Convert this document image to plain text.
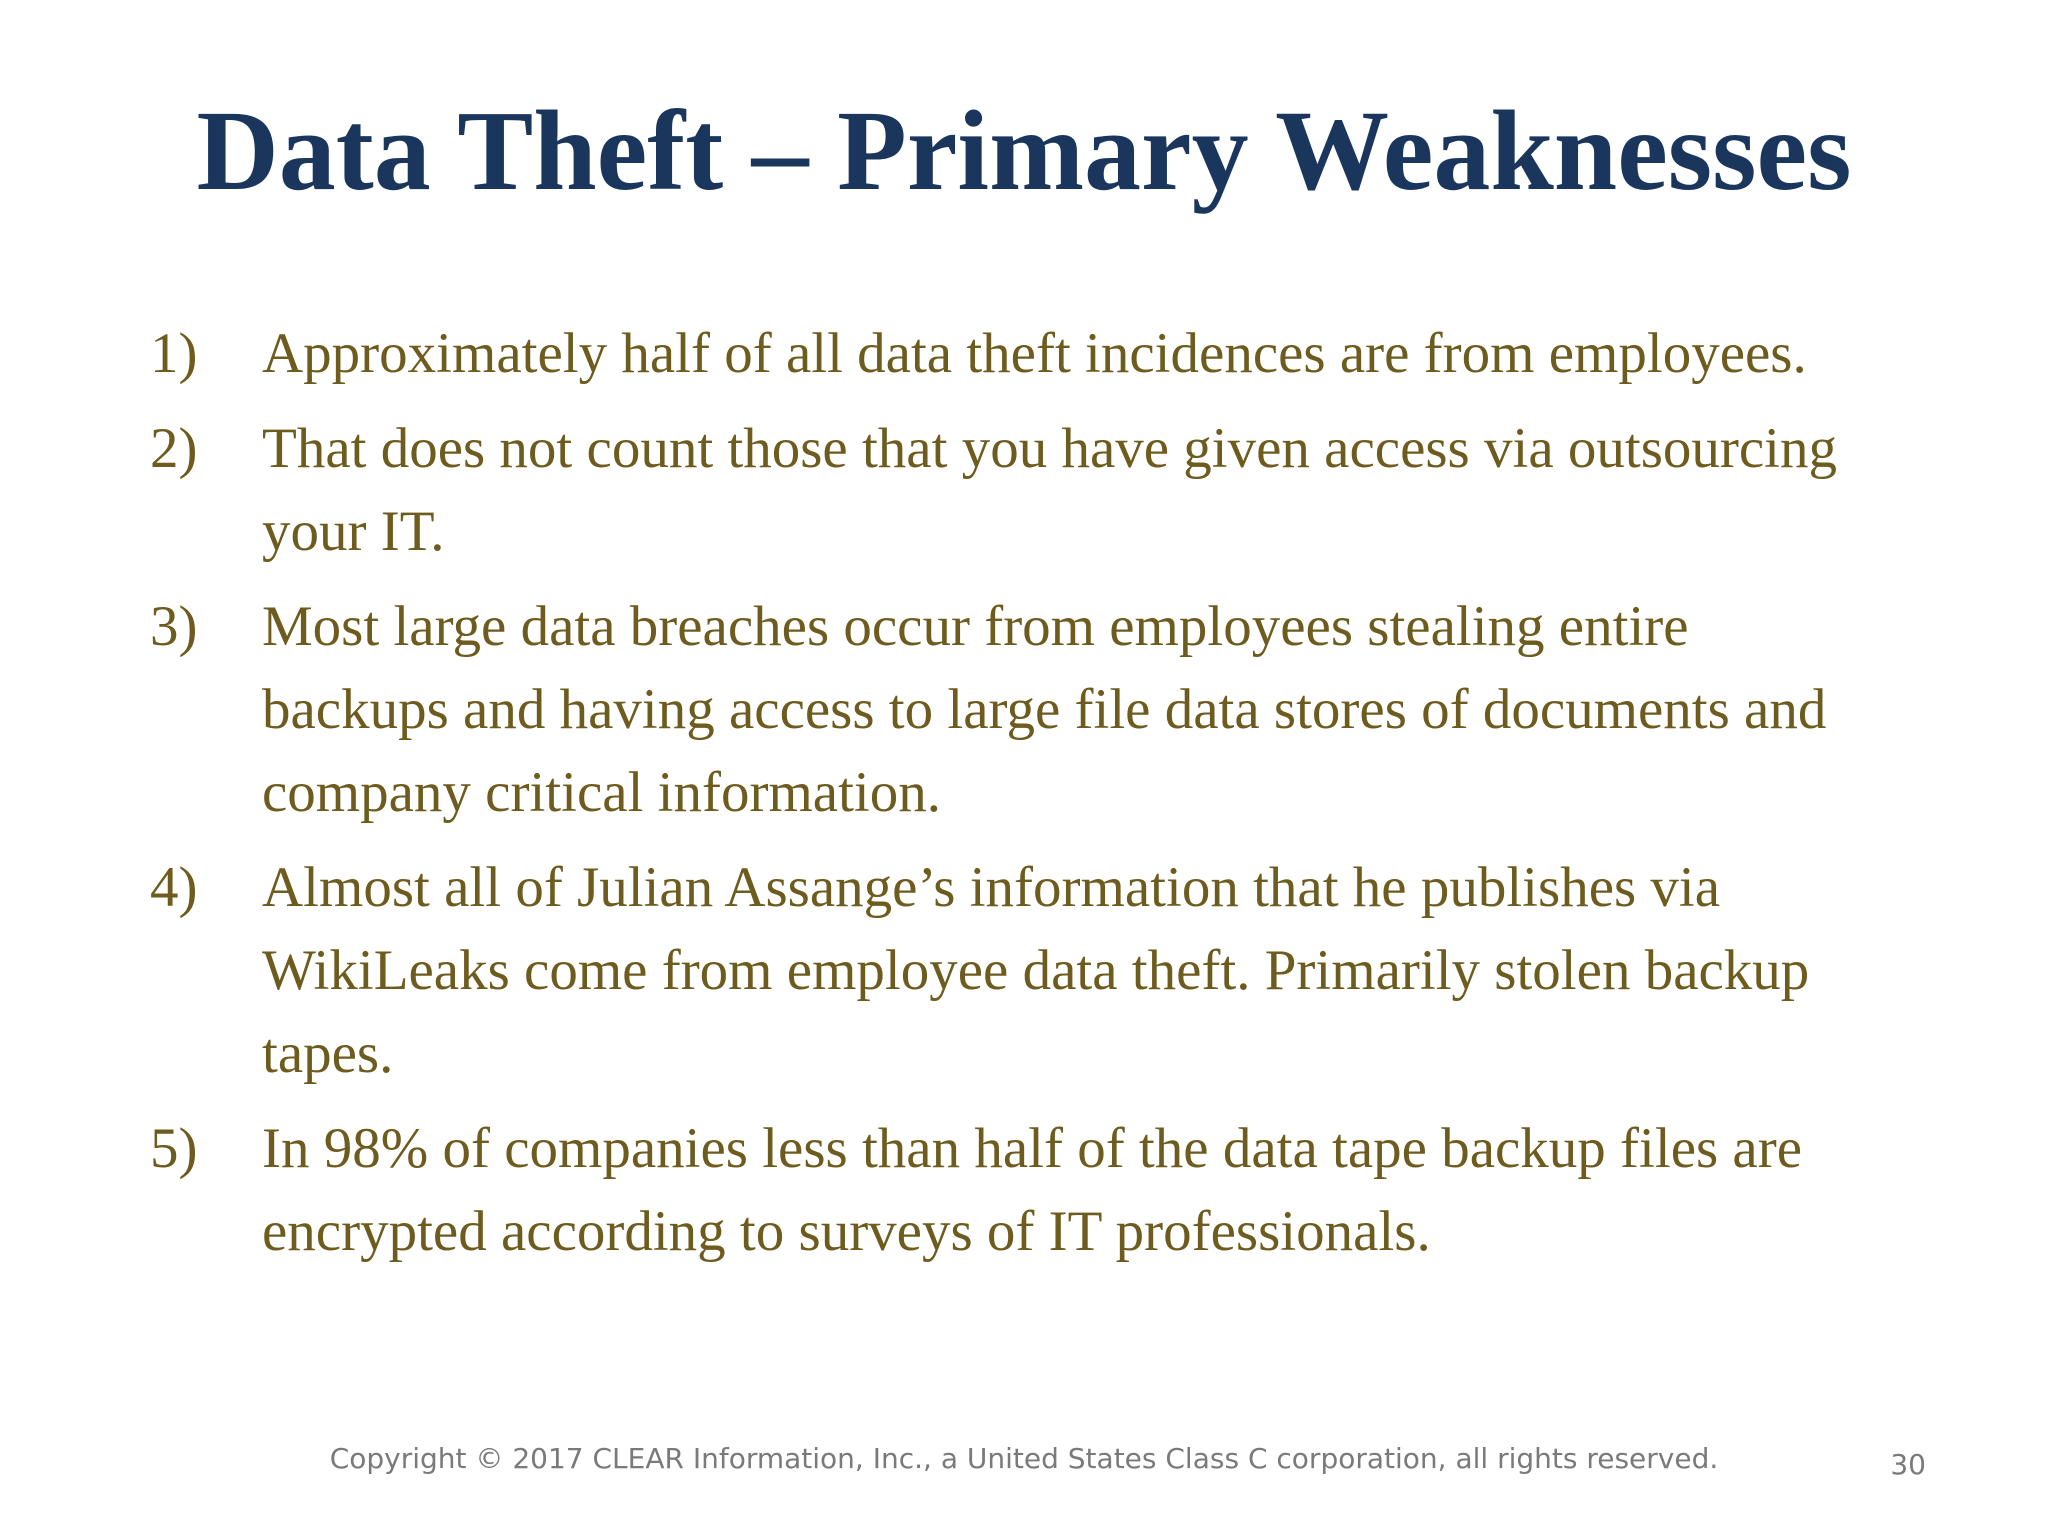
Data Theft – Primary Weaknesses
1)	Approximately half of all data theft incidences are from employees.
2)	That does not count those that you have given access via outsourcing your IT.
3)	Most large data breaches occur from employees stealing entire backups and having access to large file data stores of documents and company critical information.
4)	Almost all of Julian Assange’s information that he publishes via WikiLeaks come from employee data theft. Primarily stolen backup tapes.
5)	In 98% of companies less than half of the data tape backup files are encrypted according to surveys of IT professionals.
Copyright © 2017 CLEAR Information, Inc., a United States Class C corporation, all rights reserved.	30
